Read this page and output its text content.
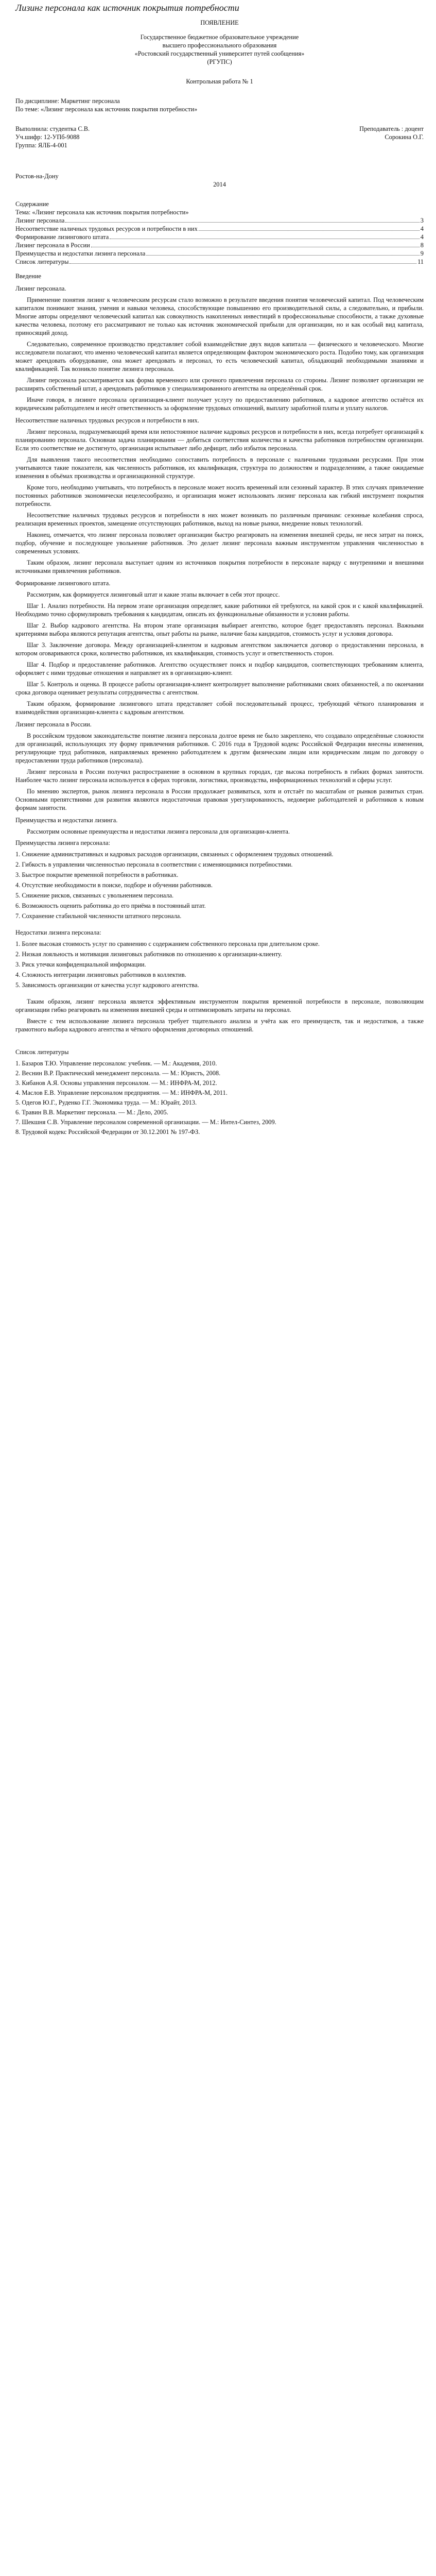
Лизинг персонала как источник покрытия потребности
ПОЯВЛЕНИЕ
Государственное бюджетное образовательное учреждение
высшего профессионального образования
«Ростовский государственный университет путей сообщения»
(РГУПС)
Контрольная работа № 1
По дисциплине: Маркетинг персонала
По теме: «Лизинг персонала как источник покрытия потребности»
Выполнила: студентка С.В.	Преподаватель : доцент
Уч.шифр: 12-УПб-9088	Сорокина О.Г.
Группа: ЯЛБ-4-001
Ростов-на-Дону
2014
Содержание
Тема: «Лизинг персонала как источник покрытия потребности»
Лизинг персонала	3
Несоответствие наличных трудовых ресурсов и потребности в них	4
Формирование лизингового штата	4
Лизинг персонала в России	8
Преимущества и недостатки лизинга персонала	9
Список литературы	11
Введение
Лизинг персонала.
Применение понятия лизинг к человеческим ресурсам стало возможно в результате введения понятия человеческий капитал. Под человеческим капиталом понимают знания, умения и навыки человека, способствующие повышению его производительной силы, а следовательно, и прибыли. Многие авторы определяют человеческий капитал как совокупность накопленных инвестиций в профессиональные способности, а также духовные качества человека, поэтому его рассматривают не только как источник экономической прибыли для организации, но и как особый вид капитала, приносящий доход.
Следовательно, современное производство представляет собой взаимодействие двух видов капитала — физического и человеческого. Многие исследователи полагают, что именно человеческий капитал является определяющим фактором экономического роста. Подобно тому, как организация может арендовать оборудование, она может арендовать и персонал, то есть человеческий капитал, обладающий необходимыми знаниями и квалификацией. Так возникло понятие лизинга персонала.
Лизинг персонала рассматривается как форма временного или срочного привлечения персонала со стороны. Лизинг позволяет организации не расширять собственный штат, а арендовать работников у специализированного агентства на определённый срок.
Иначе говоря, в лизинге персонала организация-клиент получает услугу по предоставлению работников, а кадровое агентство остаётся их юридическим работодателем и несёт ответственность за оформление трудовых отношений, выплату заработной платы и уплату налогов.
Несоответствие наличных трудовых ресурсов и потребности в них.
Лизинг персонала, подразумевающий время или непостоянное наличие кадровых ресурсов и потребности в них, всегда потребует организаций к планированию персонала. Основная задача планирования — добиться соответствия количества и качества работников потребностям организации. Если это соответствие не достигнуто, организация испытывает либо дефицит, либо избыток персонала.
Для выявления такого несоответствия необходимо сопоставить потребность в персонале с наличными трудовыми ресурсами. При этом учитываются такие показатели, как численность работников, их квалификация, структура по должностям и подразделениям, а также ожидаемые изменения в объёмах производства и организационной структуре.
Кроме того, необходимо учитывать, что потребность в персонале может носить временный или сезонный характер. В этих случаях привлечение постоянных работников экономически нецелесообразно, и организация может использовать лизинг персонала как гибкий инструмент покрытия потребности.
Несоответствие наличных трудовых ресурсов и потребности в них может возникать по различным причинам: сезонные колебания спроса, реализация временных проектов, замещение отсутствующих работников, выход на новые рынки, внедрение новых технологий.
Наконец, отмечается, что лизинг персонала позволяет организации быстро реагировать на изменения внешней среды, не неся затрат на поиск, подбор, обучение и последующее увольнение работников. Это делает лизинг персонала важным инструментом управления численностью в современных условиях.
Таким образом, лизинг персонала выступает одним из источников покрытия потребности в персонале наряду с внутренними и внешними источниками привлечения работников.
Формирование лизингового штата.
Рассмотрим, как формируется лизинговый штат и какие этапы включает в себя этот процесс.
Шаг 1. Анализ потребности. На первом этапе организация определяет, какие работники ей требуются, на какой срок и с какой квалификацией. Необходимо точно сформулировать требования к кандидатам, описать их функциональные обязанности и условия работы.
Шаг 2. Выбор кадрового агентства. На втором этапе организация выбирает агентство, которое будет предоставлять персонал. Важными критериями выбора являются репутация агентства, опыт работы на рынке, наличие базы кандидатов, стоимость услуг и условия договора.
Шаг 3. Заключение договора. Между организацией-клиентом и кадровым агентством заключается договор о предоставлении персонала, в котором оговариваются сроки, количество работников, их квалификация, стоимость услуг и ответственность сторон.
Шаг 4. Подбор и предоставление работников. Агентство осуществляет поиск и подбор кандидатов, соответствующих требованиям клиента, оформляет с ними трудовые отношения и направляет их в организацию-клиент.
Шаг 5. Контроль и оценка. В процессе работы организация-клиент контролирует выполнение работниками своих обязанностей, а по окончании срока договора оценивает результаты сотрудничества с агентством.
Таким образом, формирование лизингового штата представляет собой последовательный процесс, требующий чёткого планирования и взаимодействия организации-клиента с кадровым агентством.
Лизинг персонала в России.
В российском трудовом законодательстве понятие лизинга персонала долгое время не было закреплено, что создавало определённые сложности для организаций, использующих эту форму привлечения работников. С 2016 года в Трудовой кодекс Российской Федерации внесены изменения, регулирующие труд работников, направляемых временно работодателем к другим физическим лицам или юридическим лицам по договору о предоставлении труда работников (персонала).
Лизинг персонала в России получил распространение в основном в крупных городах, где высока потребность в гибких формах занятости. Наиболее часто лизинг персонала используется в сферах торговли, логистики, производства, информационных технологий и сферы услуг.
По мнению экспертов, рынок лизинга персонала в России продолжает развиваться, хотя и отстаёт по масштабам от рынков развитых стран. Основными препятствиями для развития являются недостаточная правовая урегулированность, недоверие работодателей и работников к новым формам занятости.
Преимущества и недостатки лизинга.
Рассмотрим основные преимущества и недостатки лизинга персонала для организации-клиента.
Преимущества лизинга персонала:
1. Снижение административных и кадровых расходов организации, связанных с оформлением трудовых отношений.
2. Гибкость в управлении численностью персонала в соответствии с изменяющимися потребностями.
3. Быстрое покрытие временной потребности в работниках.
4. Отсутствие необходимости в поиске, подборе и обучении работников.
5. Снижение рисков, связанных с увольнением персонала.
6. Возможность оценить работника до его приёма в постоянный штат.
7. Сохранение стабильной численности штатного персонала.
Недостатки лизинга персонала:
1. Более высокая стоимость услуг по сравнению с содержанием собственного персонала при длительном сроке.
2. Низкая лояльность и мотивация лизинговых работников по отношению к организации-клиенту.
3. Риск утечки конфиденциальной информации.
4. Сложность интеграции лизинговых работников в коллектив.
5. Зависимость организации от качества услуг кадрового агентства.
Таким образом, лизинг персонала является эффективным инструментом покрытия временной потребности в персонале, позволяющим организации гибко реагировать на изменения внешней среды и оптимизировать затраты на персонал.
Вместе с тем использование лизинга персонала требует тщательного анализа и учёта как его преимуществ, так и недостатков, а также грамотного выбора кадрового агентства и чёткого оформления договорных отношений.
Список литературы
1. Базаров Т.Ю. Управление персоналом: учебник. — М.: Академия, 2010.
2. Веснин В.Р. Практический менеджмент персонала. — М.: Юристъ, 2008.
3. Кибанов А.Я. Основы управления персоналом. — М.: ИНФРА-М, 2012.
4. Маслов Е.В. Управление персоналом предприятия. — М.: ИНФРА-М, 2011.
5. Одегов Ю.Г., Руденко Г.Г. Экономика труда. — М.: Юрайт, 2013.
6. Травин В.В. Маркетинг персонала. — М.: Дело, 2005.
7. Шекшня С.В. Управление персоналом современной организации. — М.: Интел-Синтез, 2009.
8. Трудовой кодекс Российской Федерации от 30.12.2001 № 197-ФЗ.
